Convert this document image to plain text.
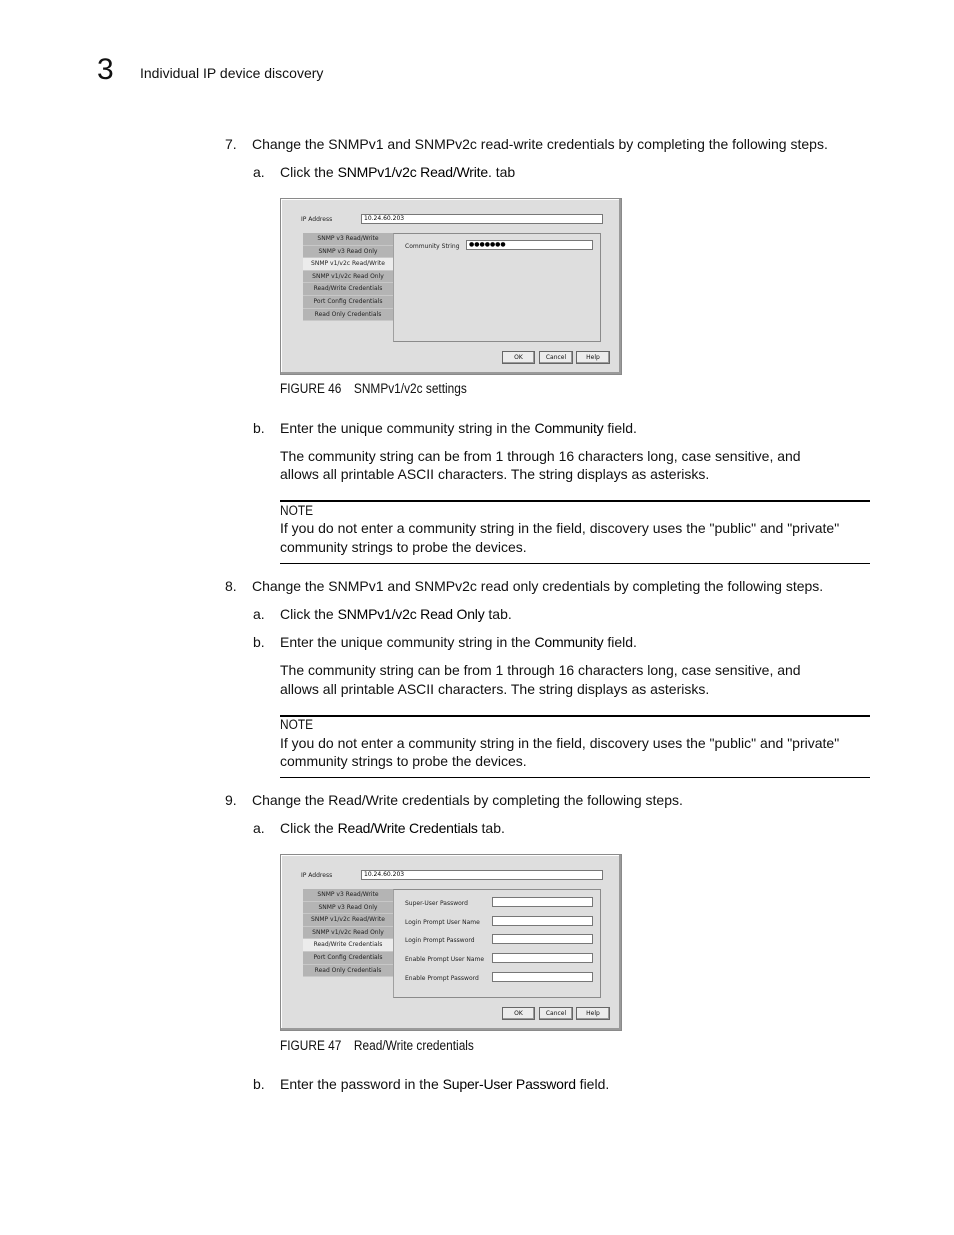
3 Individual IP device discovery
7. Change the SNMPv1 and SNMPv2c read-write credentials by completing the following steps.
a. Click the SNMPv1/v2c Read/Write. tab
IP Address	10.24.60.203
SNMP v3 Read/Write
SNMP v3 Read Only
SNMP v1/v2c Read/Write
SNMP v1/v2c Read Only
Read/Write Credentials
Port Config Credentials
Read Only Credentials
Community String	●●●●●●●
OK	Cancel	Help
FIGURE 46 SNMPv1/v2c settings
b. Enter the unique community string in the Community field.
The community string can be from 1 through 16 characters long, case sensitive, and
allows all printable ASCII characters. The string displays as asterisks.
NOTE
If you do not enter a community string in the field, discovery uses the "public" and "private"
community strings to probe the devices.
8. Change the SNMPv1 and SNMPv2c read only credentials by completing the following steps.
a. Click the SNMPv1/v2c Read Only tab.
b. Enter the unique community string in the Community field.
The community string can be from 1 through 16 characters long, case sensitive, and
allows all printable ASCII characters. The string displays as asterisks.
NOTE
If you do not enter a community string in the field, discovery uses the "public" and "private"
community strings to probe the devices.
9. Change the Read/Write credentials by completing the following steps.
a. Click the Read/Write Credentials tab.
IP Address	10.24.60.203
SNMP v3 Read/Write
SNMP v3 Read Only
SNMP v1/v2c Read/Write
SNMP v1/v2c Read Only
Read/Write Credentials
Port Config Credentials
Read Only Credentials
Super-User Password
Login Prompt User Name
Login Prompt Password
Enable Prompt User Name
Enable Prompt Password
OK	Cancel	Help
FIGURE 47 Read/Write credentials
b. Enter the password in the Super-User Password field.
